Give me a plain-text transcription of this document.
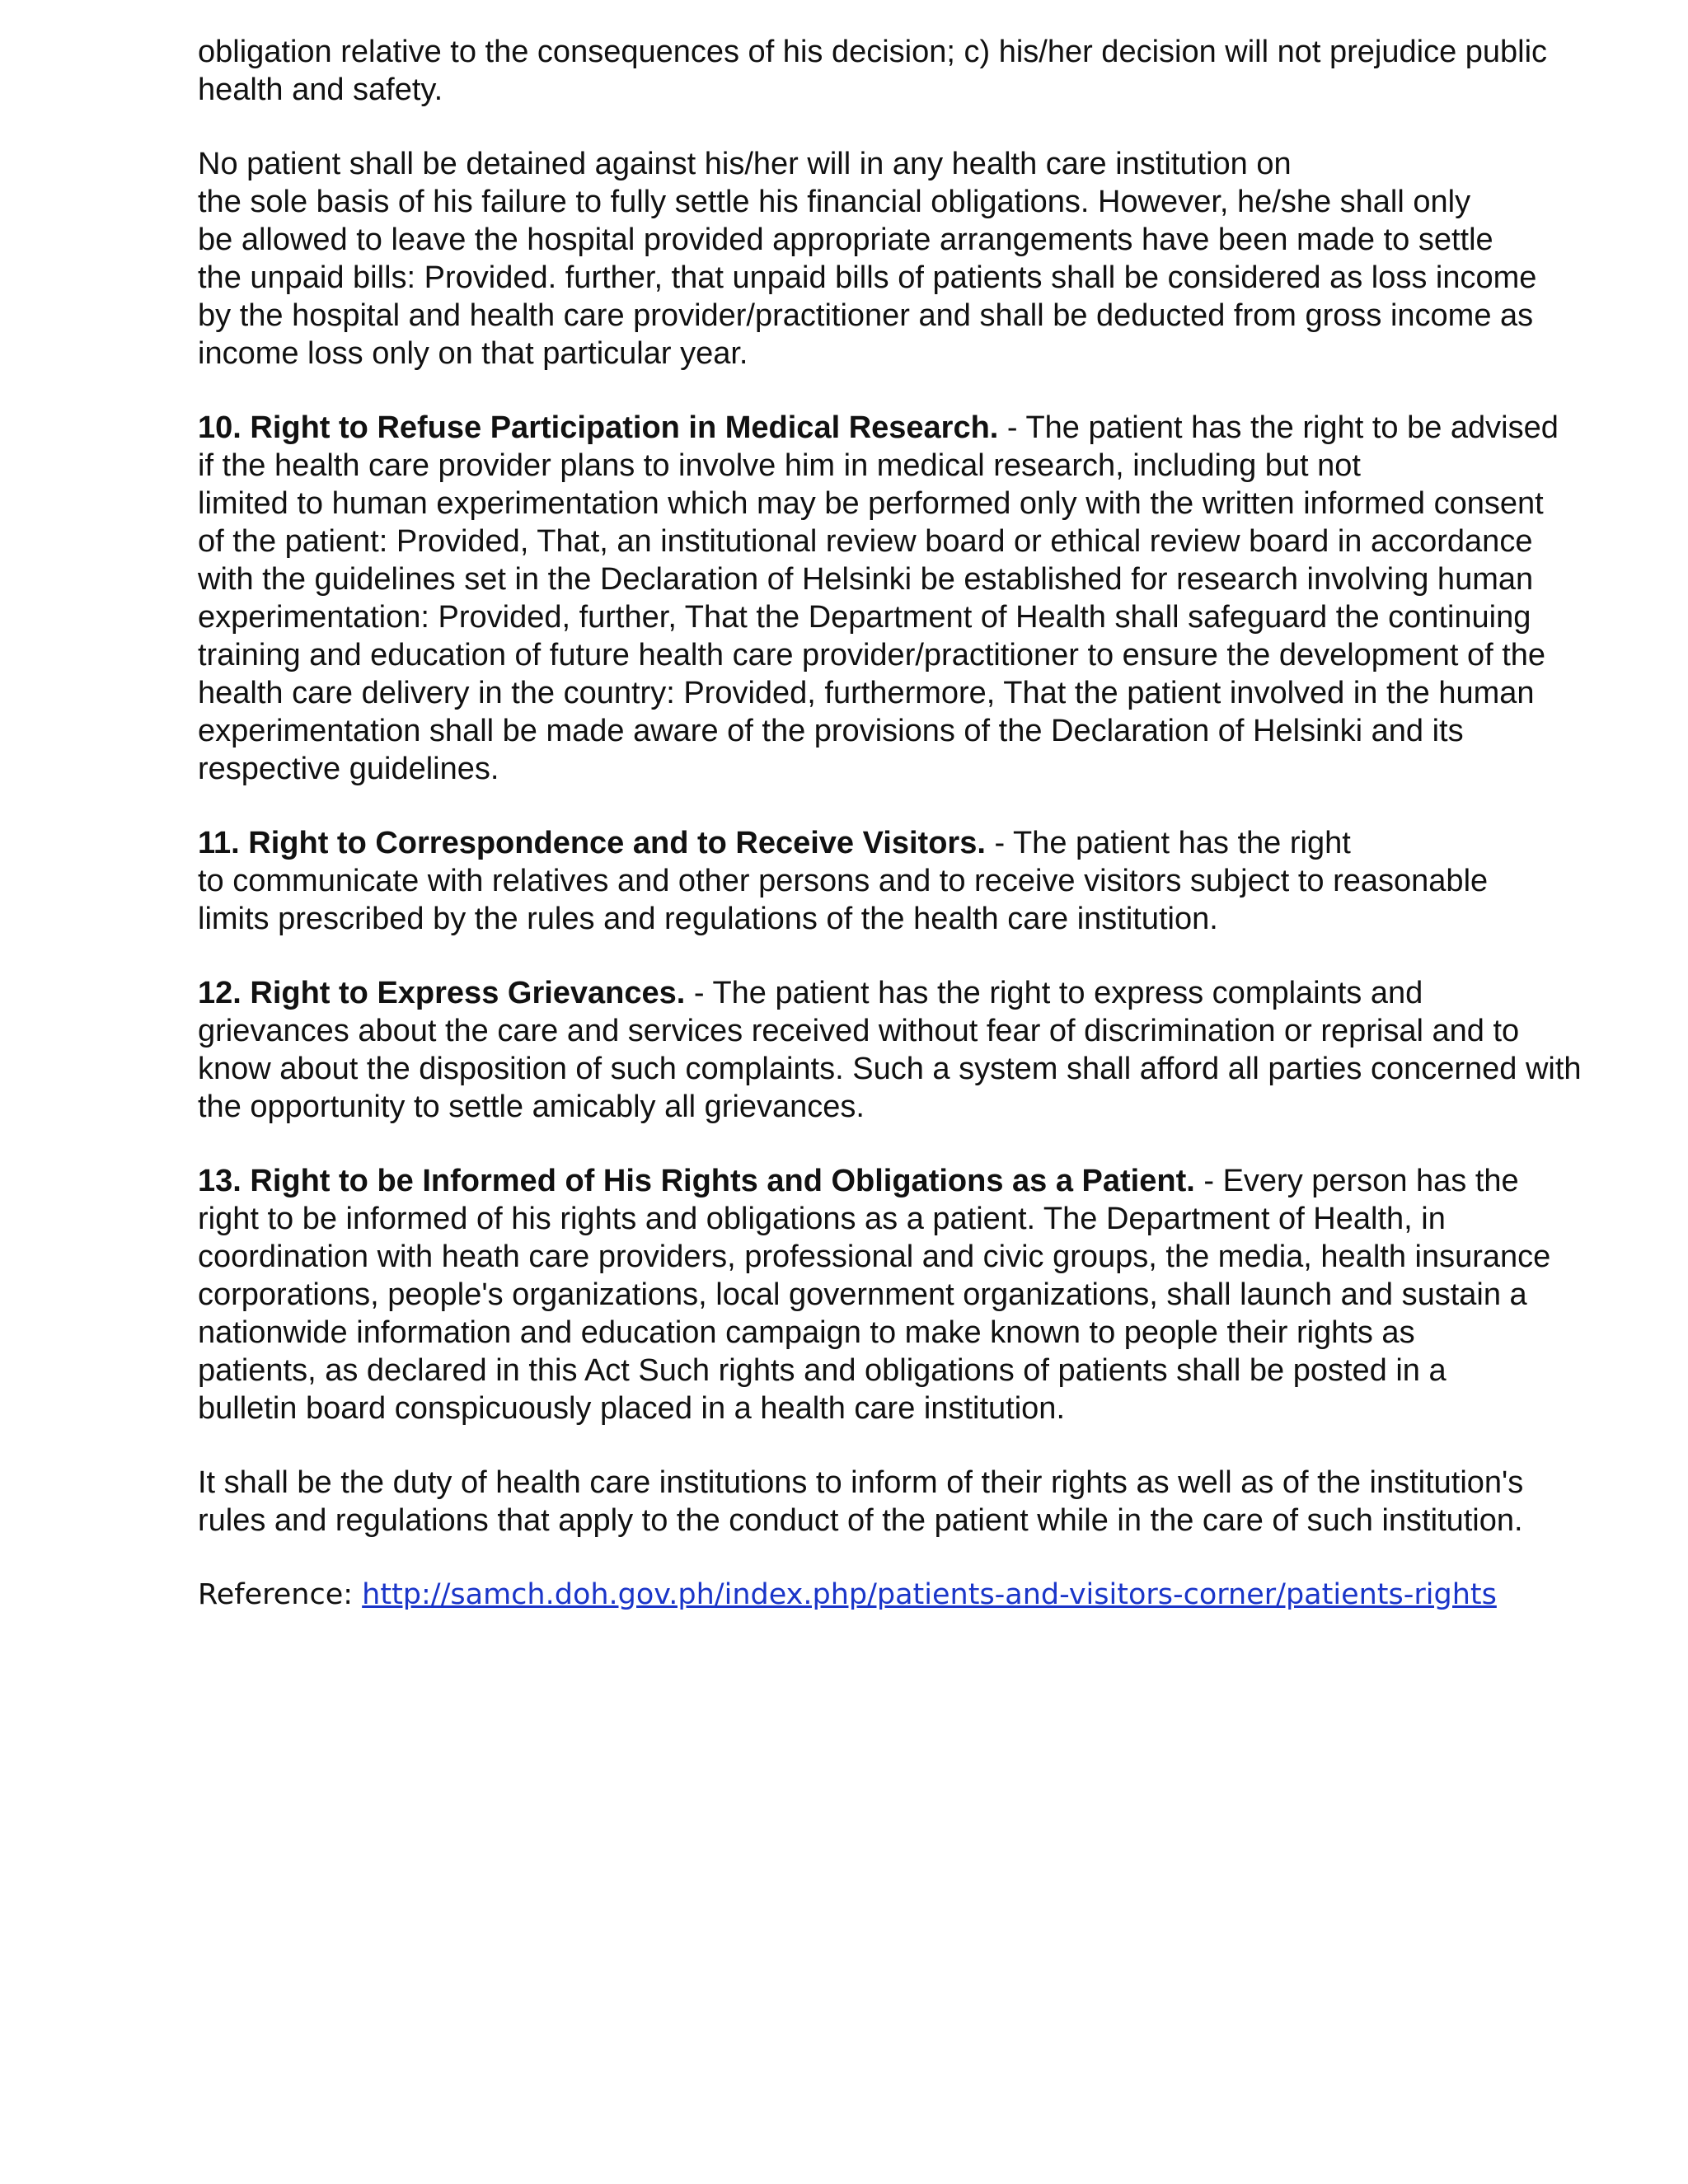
obligation relative to the consequences of his decision; c) his/her decision will not prejudice public
health and safety.
No patient shall be detained against his/her will in any health care institution on
the sole basis of his failure to fully settle his financial obligations. However, he/she shall only
be allowed to leave the hospital provided appropriate arrangements have been made to settle
the unpaid bills: Provided. further, that unpaid bills of patients shall be considered as loss income
by the hospital and health care provider/practitioner and shall be deducted from gross income as
income loss only on that particular year.
10. Right to Refuse Participation in Medical Research. - The patient has the right to be advised
if the health care provider plans to involve him in medical research, including but not
limited to human experimentation which may be performed only with the written informed consent
of the patient: Provided, That, an institutional review board or ethical review board in accordance
with the guidelines set in the Declaration of Helsinki be established for research involving human
experimentation: Provided, further, That the Department of Health shall safeguard the continuing
training and education of future health care provider/practitioner to ensure the development of the
health care delivery in the country: Provided, furthermore, That the patient involved in the human
experimentation shall be made aware of the provisions of the Declaration of Helsinki and its
respective guidelines.
11. Right to Correspondence and to Receive Visitors. - The patient has the right
to communicate with relatives and other persons and to receive visitors subject to reasonable
limits prescribed by the rules and regulations of the health care institution.
12. Right to Express Grievances. - The patient has the right to express complaints and
grievances about the care and services received without fear of discrimination or reprisal and to
know about the disposition of such complaints. Such a system shall afford all parties concerned with
the opportunity to settle amicably all grievances.
13. Right to be Informed of His Rights and Obligations as a Patient. - Every person has the
right to be informed of his rights and obligations as a patient. The Department of Health, in
coordination with heath care providers, professional and civic groups, the media, health insurance
corporations, people's organizations, local government organizations, shall launch and sustain a
nationwide information and education campaign to make known to people their rights as
patients, as declared in this Act Such rights and obligations of patients shall be posted in a
bulletin board conspicuously placed in a health care institution.
It shall be the duty of health care institutions to inform of their rights as well as of the institution's
rules and regulations that apply to the conduct of the patient while in the care of such institution.
Reference: http://samch.doh.gov.ph/index.php/patients-and-visitors-corner/patients-rights
